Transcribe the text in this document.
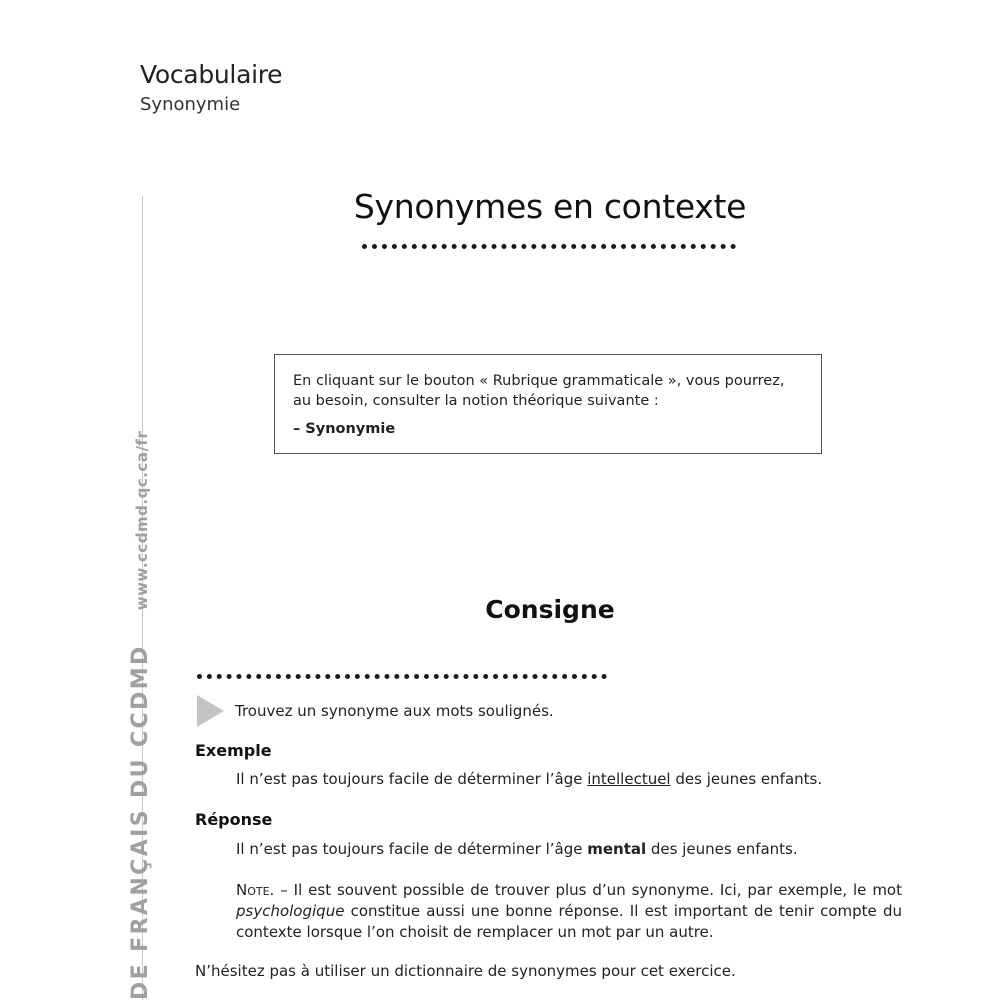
Vocabulaire
Synonymie
DE FRANÇAIS DU CCDMD
www.ccdmd.qc.ca/fr
Synonymes en contexte

En cliquant sur le bouton « Rubrique grammaticale », vous pourrez,

au besoin, consulter la notion théorique suivante :

– Synonymie

Consigne
Trouvez un synonyme aux mots soulignés.
Exemple
Il n’est pas toujours facile de déterminer l’âge intellectuel des jeunes enfants.
Réponse
Il n’est pas toujours facile de déterminer l’âge mental des jeunes enfants.
Note. – Il est souvent possible de trouver plus d’un synonyme. Ici, par exemple, le mot psychologique constitue aussi une bonne réponse. Il est important de tenir compte du contexte lorsque l’on choisit de remplacer un mot par un autre.
N’hésitez pas à utiliser un dictionnaire de synonymes pour cet exercice.
